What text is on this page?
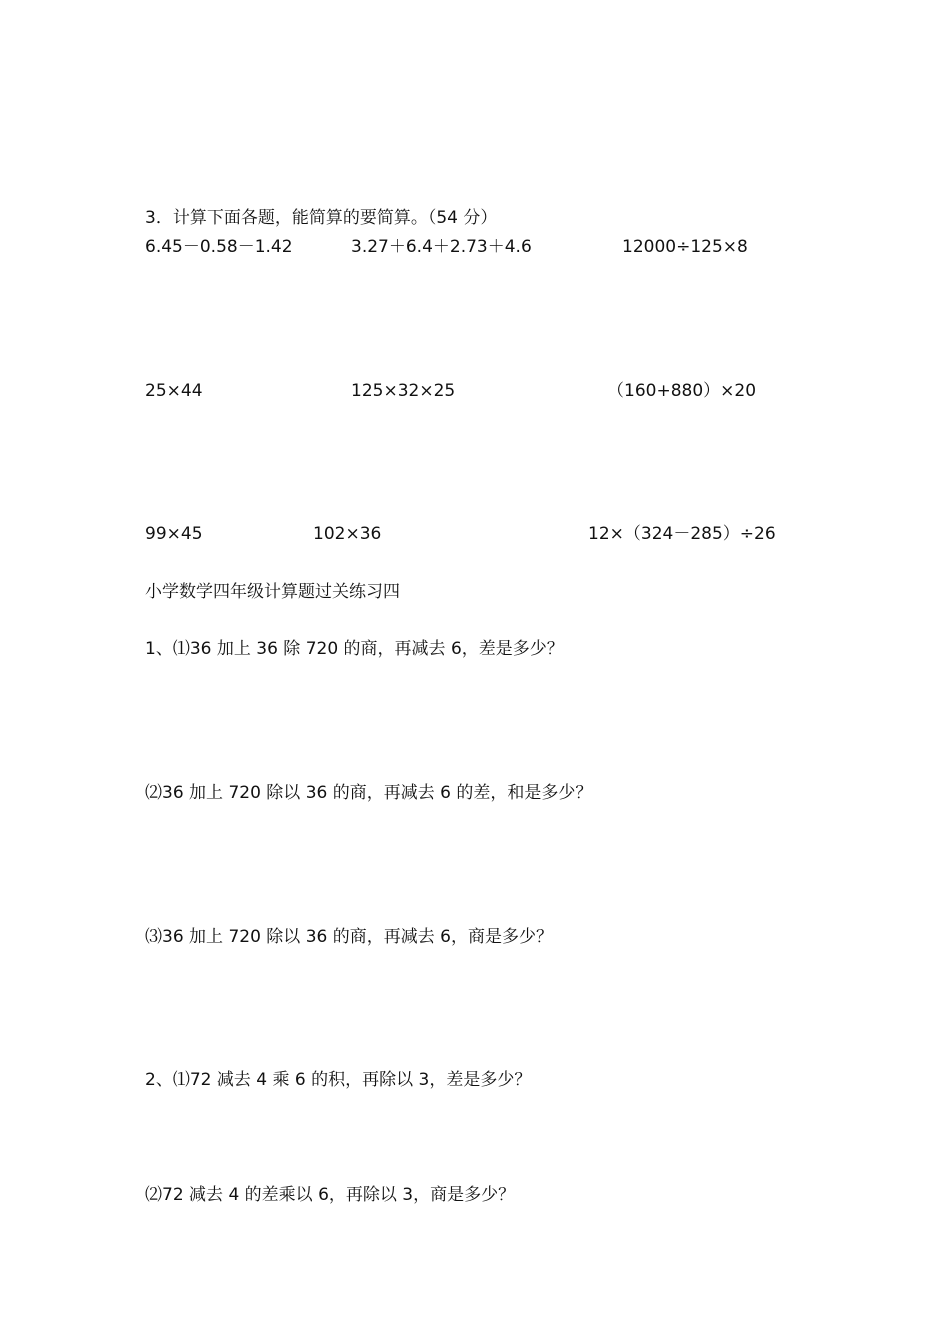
3．计算下面各题，能简算的要简算。（54 分）
6.45－0.58－1.42	3.27＋6.4＋2.73＋4.6	12000÷125×8
25×44	125×32×25	（160+880）×20
99×45	102×36	12×（324－285）÷26
小学数学四年级计算题过关练习四
1、⑴36 加上 36 除 720 的商，再减去 6，差是多少？
⑵36 加上 720 除以 36 的商，再减去 6 的差，和是多少？
⑶36 加上 720 除以 36 的商，再减去 6，商是多少？
2、⑴72 减去 4 乘 6 的积，再除以 3，差是多少？
⑵72 减去 4 的差乘以 6，再除以 3，商是多少？
